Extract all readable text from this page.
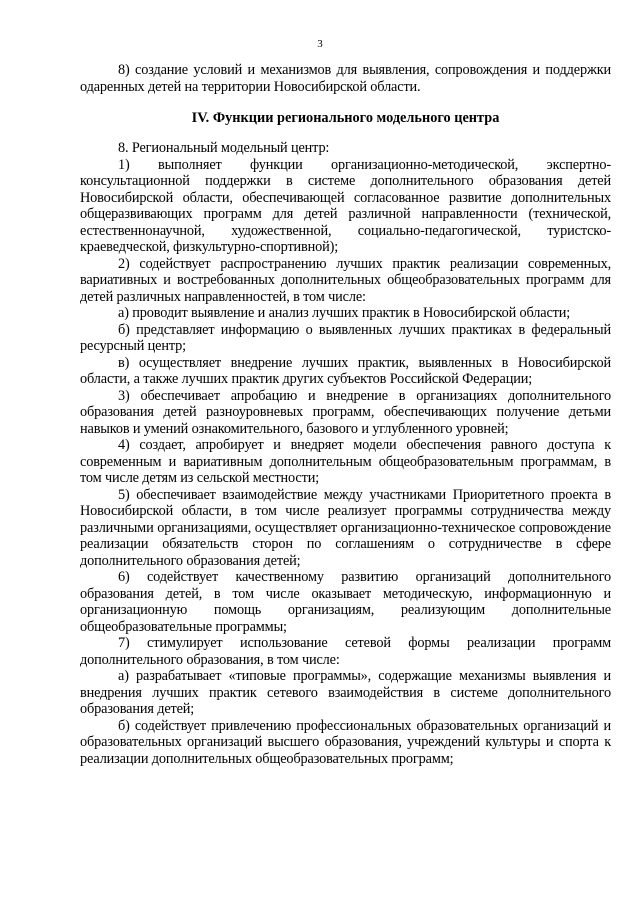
3

8) создание условий и механизмов для выявления, сопровождения и поддержки одаренных детей на территории Новосибирской области.

IV. Функции регионального модельного центра

8. Региональный модельный центр:

1) выполняет функции организационно-методической, экспертно-консультационной поддержки в системе дополнительного образования детей Новосибирской области, обеспечивающей согласованное развитие дополнительных общеразвивающих программ для детей различной направленности (технической, естественнонаучной, художественной, социально-педагогической, туристско-краеведческой, физкультурно-спортивной);

2) содействует распространению лучших практик реализации современных, вариативных и востребованных дополнительных общеобразовательных программ для детей различных направленностей, в том числе:

а) проводит выявление и анализ лучших практик в Новосибирской области;

б) представляет информацию о выявленных лучших практиках в федеральный ресурсный центр;

в) осуществляет внедрение лучших практик, выявленных в Новосибирской области, а также лучших практик других субъектов Российской Федерации;

3) обеспечивает апробацию и внедрение в организациях дополнительного образования детей разноуровневых программ, обеспечивающих получение детьми навыков и умений ознакомительного, базового и углубленного уровней;

4) создает, апробирует и внедряет модели обеспечения равного доступа к современным и вариативным дополнительным общеобразовательным программам, в том числе детям из сельской местности;

5) обеспечивает взаимодействие между участниками Приоритетного проекта в Новосибирской области, в том числе реализует программы сотрудничества между различными организациями, осуществляет организационно-техническое сопровождение реализации обязательств сторон по соглашениям о сотрудничестве в сфере дополнительного образования детей;

6) содействует качественному развитию организаций дополнительного образования детей, в том числе оказывает методическую, информационную и организационную помощь организациям, реализующим дополнительные общеобразовательные программы;

7) стимулирует использование сетевой формы реализации программ дополнительного образования, в том числе:

а) разрабатывает «типовые программы», содержащие механизмы выявления и внедрения лучших практик сетевого взаимодействия в системе дополнительного образования детей;

б) содействует привлечению профессиональных образовательных организаций и образовательных организаций высшего образования, учреждений культуры и спорта к реализации дополнительных общеобразовательных программ;
